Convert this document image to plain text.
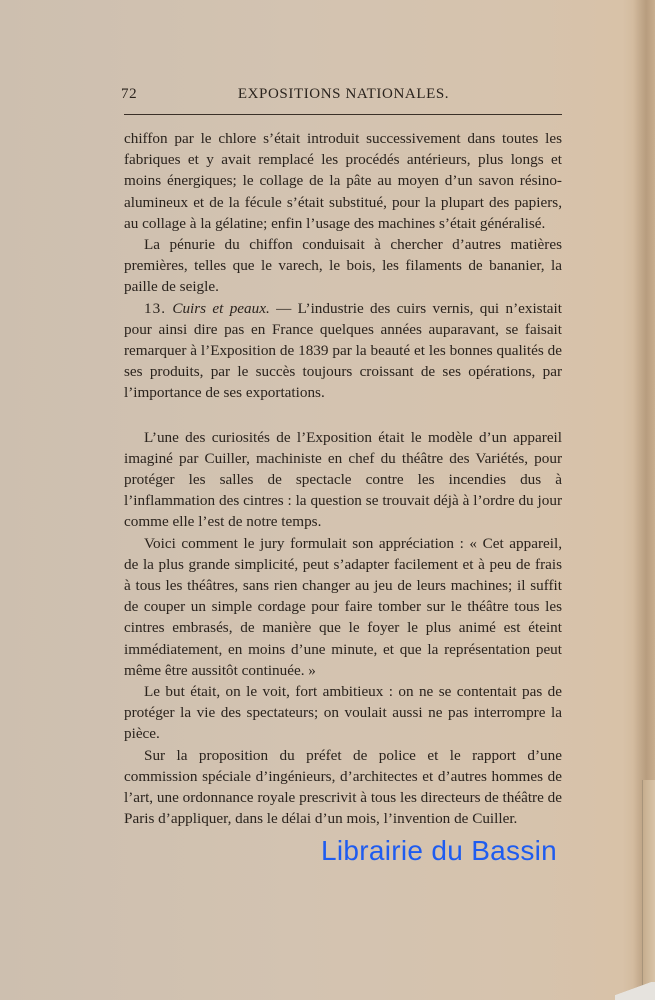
72	EXPOSITIONS NATIONALES.

chiffon par le chlore s’était introduit successivement dans toutes les fabriques et y avait remplacé les procédés antérieurs, plus longs et moins énergiques; le collage de la pâte au moyen d’un savon résino-alumineux et de la fécule s’était substitué, pour la plupart des papiers, au collage à la gélatine; enfin l’usage des machines s’était généralisé.

La pénurie du chiffon conduisait à chercher d’autres matières premières, telles que le varech, le bois, les filaments de bananier, la paille de seigle.

13. Cuirs et peaux. — L’industrie des cuirs vernis, qui n’existait pour ainsi dire pas en France quelques années auparavant, se faisait remarquer à l’Exposition de 1839 par la beauté et les bonnes qualités de ses produits, par le succès toujours croissant de ses opérations, par l’importance de ses exportations.

L’une des curiosités de l’Exposition était le modèle d’un appareil imaginé par Cuiller, machiniste en chef du théâtre des Variétés, pour protéger les salles de spectacle contre les incendies dus à l’inflammation des cintres : la question se trouvait déjà à l’ordre du jour comme elle l’est de notre temps.

Voici comment le jury formulait son appréciation : « Cet appareil, de la plus grande simplicité, peut s’adapter facilement et à peu de frais à tous les théâtres, sans rien changer au jeu de leurs machines; il suffit de couper un simple cordage pour faire tomber sur le théâtre tous les cintres embrasés, de manière que le foyer le plus animé est éteint immédiatement, en moins d’une minute, et que la représentation peut même être aussitôt continuée. »

Le but était, on le voit, fort ambitieux : on ne se contentait pas de protéger la vie des spectateurs; on voulait aussi ne pas interrompre la pièce.

Sur la proposition du préfet de police et le rapport d’une commission spéciale d’ingénieurs, d’architectes et d’autres hommes de l’art, une ordonnance royale prescrivit à tous les directeurs de théâtre de Paris d’appliquer, dans le délai d’un mois, l’invention de Cuiller.

Librairie du Bassin
